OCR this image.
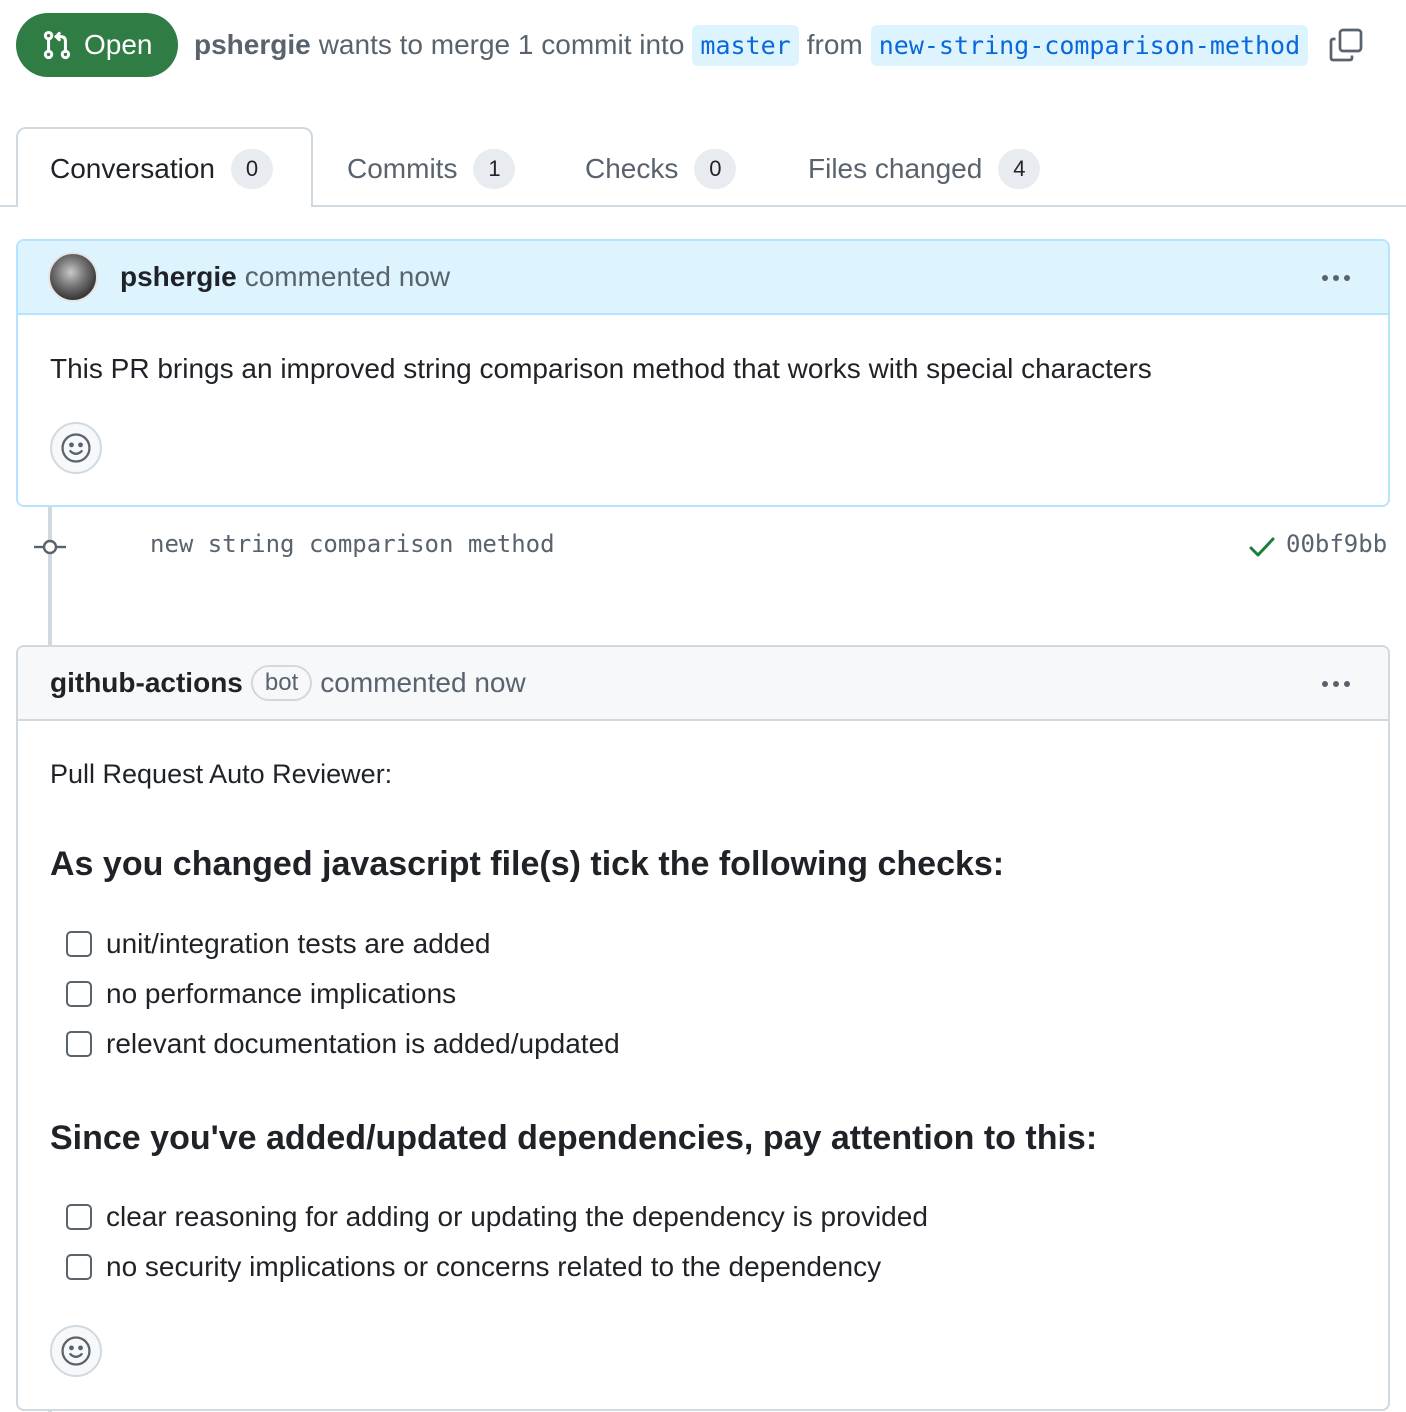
Open pshergie wants to merge 1 commit into master from new-string-comparison-method
Conversation	0	Commits	1	Checks	0	Files changed	4
pshergie commented now
This PR brings an improved string comparison method that works with special characters
new string comparison method	00bf9bb
github-actions bot commented now
Pull Request Auto Reviewer:
As you changed javascript file(s) tick the following checks:
unit/integration tests are added
no performance implications
relevant documentation is added/updated
Since you've added/updated dependencies, pay attention to this:
clear reasoning for adding or updating the dependency is provided
no security implications or concerns related to the dependency
